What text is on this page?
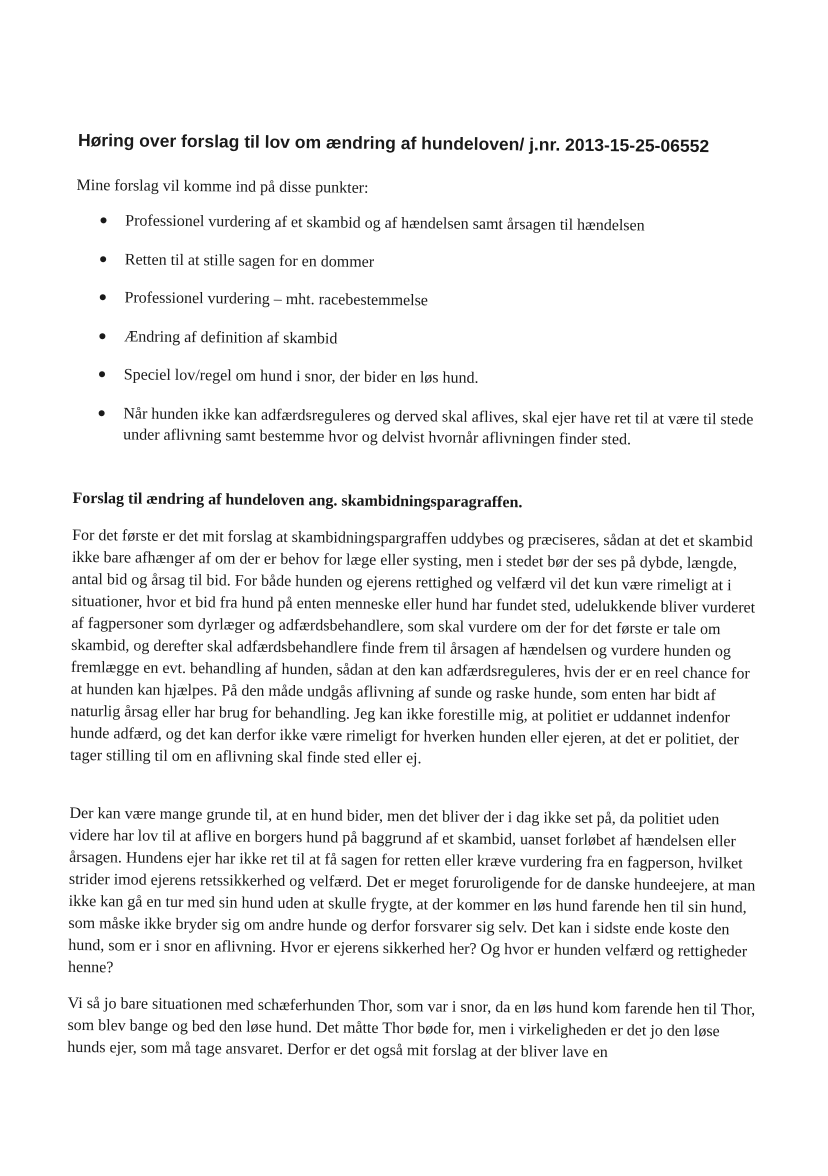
Høring over forslag til lov om ændring af hundeloven/ j.nr. 2013-15-25-06552

Mine forslag vil komme ind på disse punkter:

● Professionel vurdering af et skambid og af hændelsen samt årsagen til hændelsen
● Retten til at stille sagen for en dommer
● Professionel vurdering – mht. racebestemmelse
● Ændring af definition af skambid
● Speciel lov/regel om hund i snor, der bider en løs hund.
● Når hunden ikke kan adfærdsreguleres og derved skal aflives, skal ejer have ret til at være til stede under aflivning samt bestemme hvor og delvist hvornår aflivningen finder sted.
Forslag til ændring af hundeloven ang. skambidningsparagraffen.

For det første er det mit forslag at skambidningspargraffen uddybes og præciseres, sådan at det et skambid ikke bare afhænger af om der er behov for læge eller systing, men i stedet bør der ses på dybde, længde, antal bid og årsag til bid. For både hunden og ejerens rettighed og velfærd vil det kun være rimeligt at i situationer, hvor et bid fra hund på enten menneske eller hund har fundet sted, udelukkende bliver vurderet af fagpersoner som dyrlæger og adfærdsbehandlere, som skal vurdere om der for det første er tale om skambid, og derefter skal adfærdsbehandlere finde frem til årsagen af hændelsen og vurdere hunden og fremlægge en evt. behandling af hunden, sådan at den kan adfærdsreguleres, hvis der er en reel chance for at hunden kan hjælpes. På den måde undgås aflivning af sunde og raske hunde, som enten har bidt af naturlig årsag eller har brug for behandling. Jeg kan ikke forestille mig, at politiet er uddannet indenfor hunde adfærd, og det kan derfor ikke være rimeligt for hverken hunden eller ejeren, at det er politiet, der tager stilling til om en aflivning skal finde sted eller ej.

Der kan være mange grunde til, at en hund bider, men det bliver der i dag ikke set på, da politiet uden videre har lov til at aflive en borgers hund på baggrund af et skambid, uanset forløbet af hændelsen eller årsagen. Hundens ejer har ikke ret til at få sagen for retten eller kræve vurdering fra en fagperson, hvilket strider imod ejerens retssikkerhed og velfærd. Det er meget foruroligende for de danske hundeejere, at man ikke kan gå en tur med sin hund uden at skulle frygte, at der kommer en løs hund farende hen til sin hund, som måske ikke bryder sig om andre hunde og derfor forsvarer sig selv. Det kan i sidste ende koste den hund, som er i snor en aflivning. Hvor er ejerens sikkerhed her? Og hvor er hunden velfærd og rettigheder henne?

Vi så jo bare situationen med schæferhunden Thor, som var i snor, da en løs hund kom farende hen til Thor, som blev bange og bed den løse hund. Det måtte Thor bøde for, men i virkeligheden er det jo den løse hunds ejer, som må tage ansvaret. Derfor er det også mit forslag at der bliver lave en
